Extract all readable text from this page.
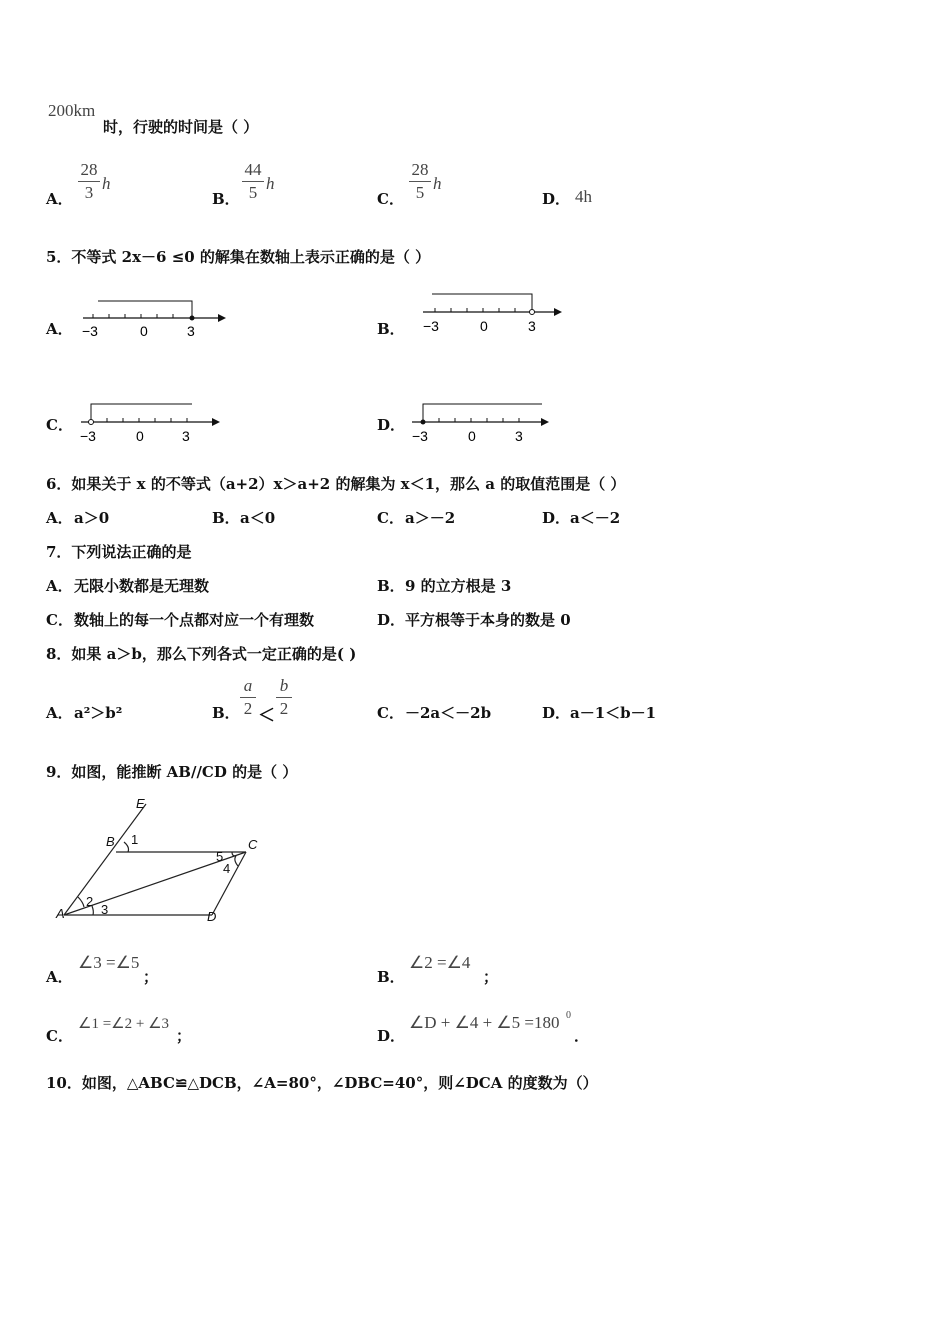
200km
时，行驶的时间是（ ）
A．
28
3 h
B．
44
5 h
C．
28
5 h
D． 4h
5．不等式 2x－6 ≤0 的解集在数轴上表示正确的是（ ）
A． −3	0	3	B． −3	0	3
C．
−3	0	3
D．
−3	0	3
6．如果关于 x 的不等式（a+2）x＞a+2 的解集为 x＜1，那么 a 的取值范围是（ ）
A． a＞0	B． a＜0	C． a＞－2	D． a＜－2
7．下列说法正确的是
A． 无限小数都是无理数	B． 9 的立方根是 3
C． 数轴上的每一个点都对应一个有理数	D． 平方根等于本身的数是 0
8．如果 a＞b，那么下列各式一定正确的是( )
A． a²＞b²	B．
a
2 ＜
b
2	C． －2a＜－2b	D． a－1＜b－1
9．如图，能推断 AB//CD 的是（ ）
E
B	C
A	D
1
2
3
4
5
A．
∠3 =∠5
；	B．
∠2 =∠4
；
C．
∠1 =∠2 + ∠3
；	D．
∠D + ∠4 + ∠5 =180 0
．
10．如图，△ABC≌△DCB，∠A=80°，∠DBC=40°，则∠DCA 的度数为（）
